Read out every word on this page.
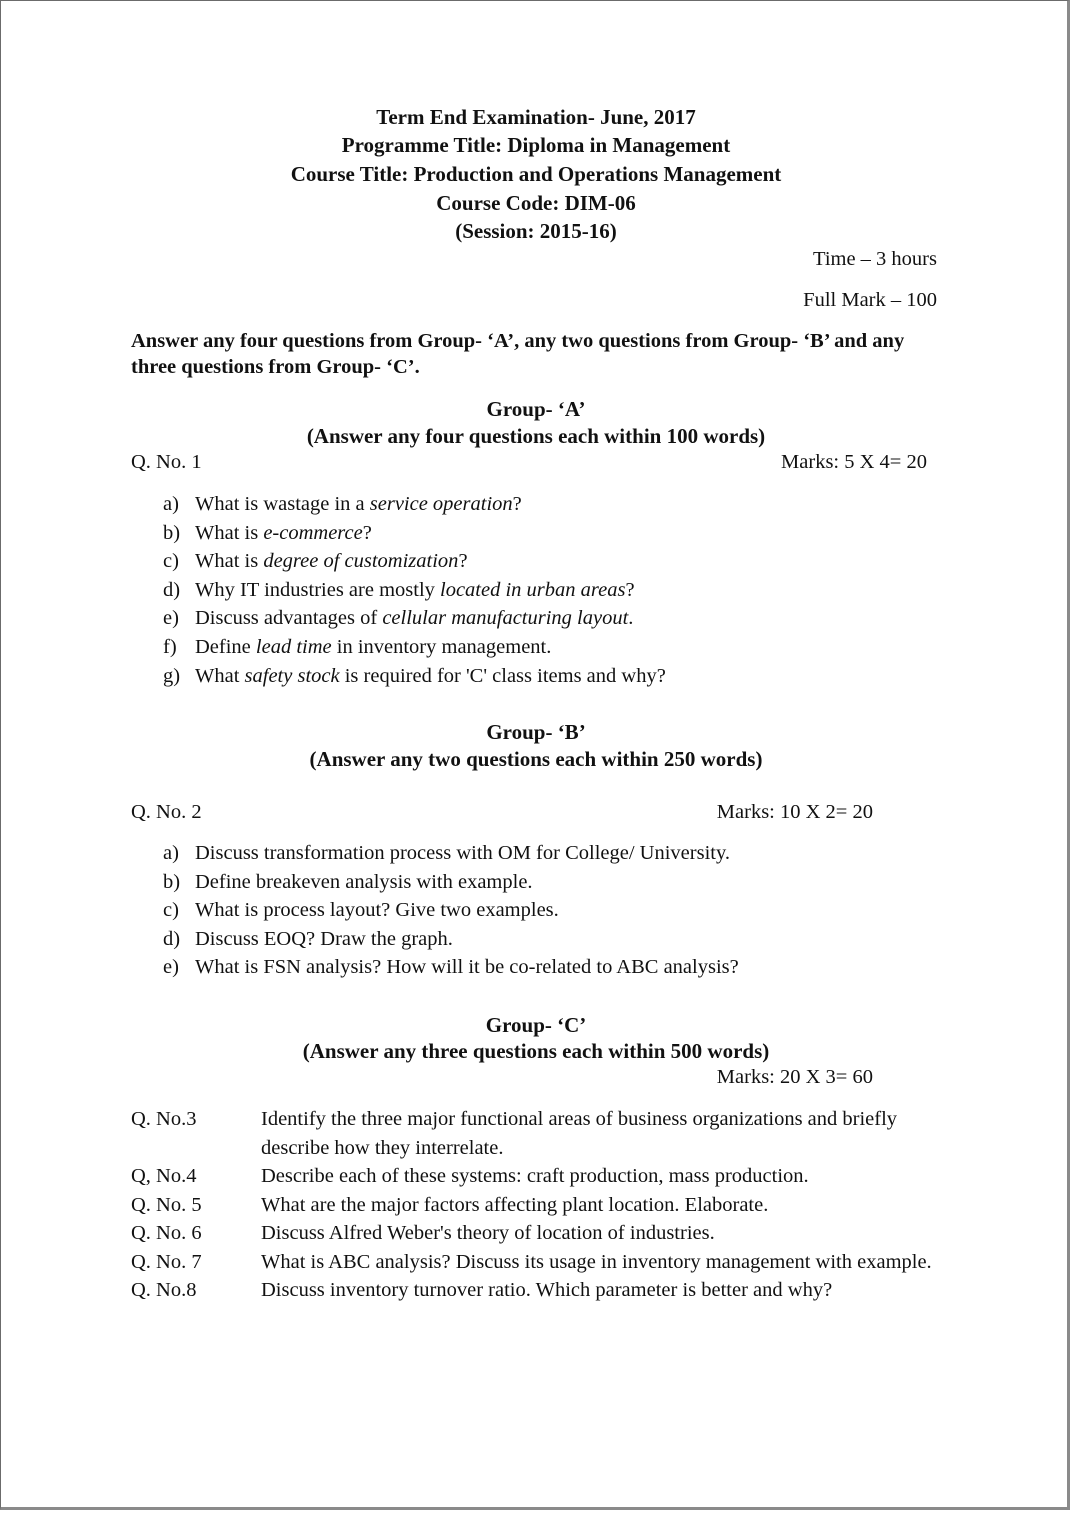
Term End Examination- June, 2017
Programme Title: Diploma in Management
Course Title: Production and Operations Management
Course Code: DIM-06
(Session: 2015-16)
Time – 3 hours
Full Mark – 100
Answer any four questions from Group- ‘A’, any two questions from Group- ‘B’ and any three questions from Group- ‘C’.
Group- ‘A’
(Answer any four questions each within 100 words)
Q. No. 1	Marks: 5 X 4= 20
a) What is wastage in a service operation?
b) What is e-commerce?
c) What is degree of customization?
d) Why IT industries are mostly located in urban areas?
e) Discuss advantages of cellular manufacturing layout.
f) Define lead time in inventory management.
g) What safety stock is required for 'C' class items and why?
Group- ‘B’
(Answer any two questions each within 250 words)
Q. No. 2	Marks: 10 X 2= 20
a) Discuss transformation process with OM for College/ University.
b) Define breakeven analysis with example.
c) What is process layout? Give two examples.
d) Discuss EOQ? Draw the graph.
e) What is FSN analysis? How will it be co-related to ABC analysis?
Group- ‘C’
(Answer any three questions each within 500 words)
Marks: 20 X 3= 60
Q. No.3	Identify the three major functional areas of business organizations and briefly describe how they interrelate.
Q, No.4	Describe each of these systems: craft production, mass production.
Q. No. 5	What are the major factors affecting plant location. Elaborate.
Q. No. 6	Discuss Alfred Weber's theory of location of industries.
Q. No. 7	What is ABC analysis? Discuss its usage in inventory management with example.
Q. No.8	Discuss inventory turnover ratio. Which parameter is better and why?
